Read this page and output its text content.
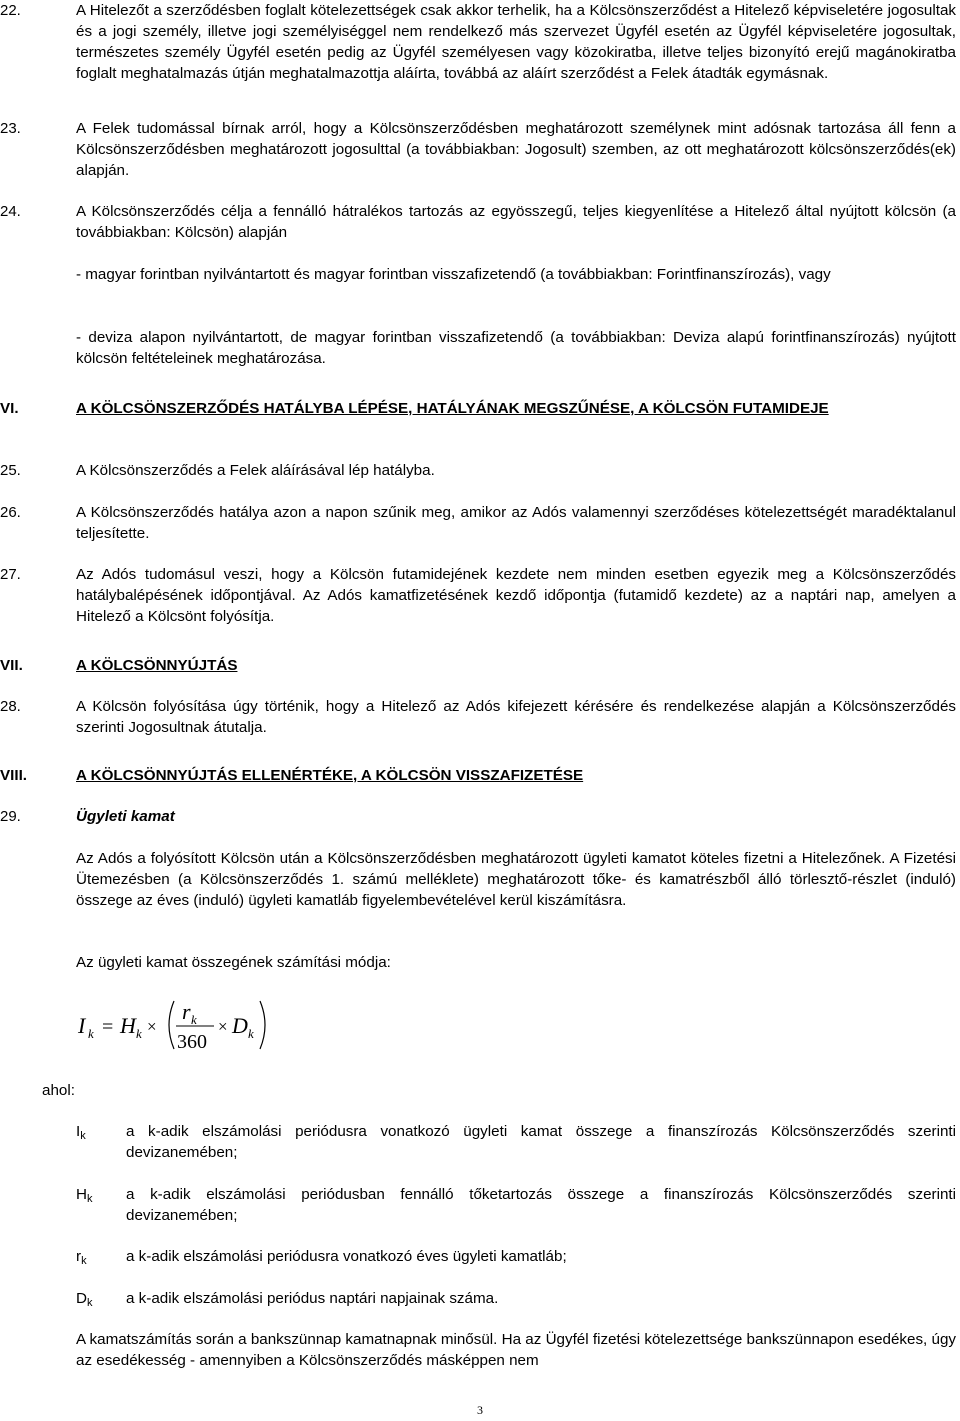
22.	A Hitelezőt a szerződésben foglalt kötelezettségek csak akkor terhelik, ha a Kölcsönszerződést a Hitelező képviseletére jogosultak és a jogi személy, illetve jogi személyiséggel nem rendelkező más szervezet Ügyfél esetén az Ügyfél képviseletére jogosultak, természetes személy Ügyfél esetén pedig az Ügyfél személyesen vagy közokiratba, illetve teljes bizonyító erejű magánokiratba foglalt meghatalmazás útján meghatalmazottja aláírta, továbbá az aláírt szerződést a Felek átadták egymásnak.
23.	A Felek tudomással bírnak arról, hogy a Kölcsönszerződésben meghatározott személynek mint adósnak tartozása áll fenn a Kölcsönszerződésben meghatározott jogosulttal (a továbbiakban: Jogosult) szemben, az ott meghatározott kölcsönszerződés(ek) alapján.
24.	A Kölcsönszerződés célja a fennálló hátralékos tartozás az egyösszegű, teljes kiegyenlítése a Hitelező által nyújtott kölcsön (a továbbiakban: Kölcsön) alapján
- magyar forintban nyilvántartott és magyar forintban visszafizetendő (a továbbiakban: Forintfinanszírozás), vagy
- deviza alapon nyilvántartott, de magyar forintban visszafizetendő (a továbbiakban: Deviza alapú forintfinanszírozás) nyújtott kölcsön feltételeinek meghatározása.
VI.	A KÖLCSÖNSZERZŐDÉS HATÁLYBA LÉPÉSE, HATÁLYÁNAK MEGSZŰNÉSE, A KÖLCSÖN FUTAMIDEJE
25.	A Kölcsönszerződés a Felek aláírásával lép hatályba.
26.	A Kölcsönszerződés hatálya azon a napon szűnik meg, amikor az Adós valamennyi szerződéses kötelezettségét maradéktalanul teljesítette.
27.	Az Adós tudomásul veszi, hogy a Kölcsön futamidejének kezdete nem minden esetben egyezik meg a Kölcsönszerződés hatálybalépésének időpontjával. Az Adós kamatfizetésének kezdő időpontja (futamidő kezdete) az a naptári nap, amelyen a Hitelező a Kölcsönt folyósítja.
VII.	A KÖLCSÖNNYÚJTÁS
28.	A Kölcsön folyósítása úgy történik, hogy a Hitelező az Adós kifejezett kérésére és rendelkezése alapján a Kölcsönszerződés szerinti Jogosultnak átutalja.
VIII.	A KÖLCSÖNNYÚJTÁS ELLENÉRTÉKE, A KÖLCSÖN VISSZAFIZETÉSE
29.	Ügyleti kamat
Az Adós a folyósított Kölcsön után a Kölcsönszerződésben meghatározott ügyleti kamatot köteles fizetni a Hitelezőnek. A Fizetési Ütemezésben (a Kölcsönszerződés 1. számú melléklete) meghatározott tőke- és kamatrészből álló törlesztő-részlet (induló) összege az éves (induló) ügyleti kamatláb figyelembevételével kerül kiszámításra.
Az ügyleti kamat összegének számítási módja:
I k = H k ×
r k
360
× D k
ahol:
$I_k$	a k-adik elszámolási periódusra vonatkozó ügyleti kamat összege a finanszírozás Kölcsönszerződés szerinti devizanemében;
$H_k$ a k-adik elszámolási periódusban fennálló tőketartozás összege a finanszírozás Kölcsönszerződés szerinti devizanemében;
$r_k$	a k-adik elszámolási periódusra vonatkozó éves ügyleti kamatláb;
$D_k$ a k-adik elszámolási periódus naptári napjainak száma.
A kamatszámítás során a bankszünnap kamatnapnak minősül. Ha az Ügyfél fizetési kötelezettsége bankszünnapon esedékes, úgy az esedékesség - amennyiben a Kölcsönszerződés másképpen nem
3
